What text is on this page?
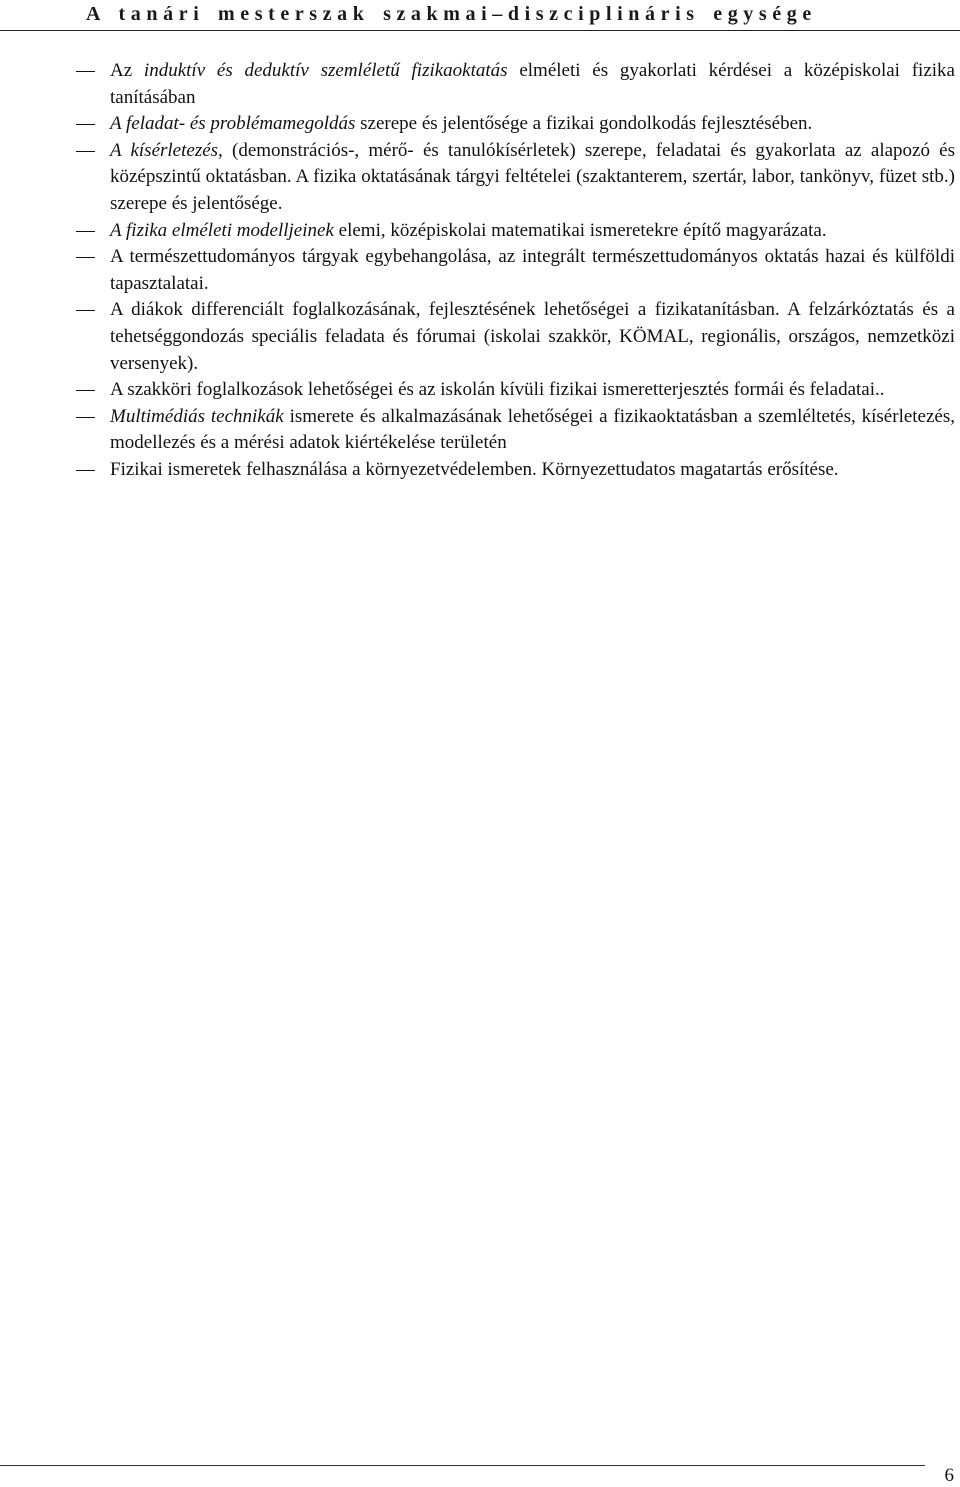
A tanári mesterszak szakmai–diszciplináris egysége
Az induktív és deduktív szemléletű fizikaoktatás elméleti és gyakorlati kérdései a középiskolai fizika tanításában
A feladat- és problémamegoldás szerepe és jelentősége a fizikai gondolkodás fejlesztésében.
A kísérletezés, (demonstrációs-, mérő- és tanulókísérletek) szerepe, feladatai és gyakorlata az alapozó és középszintű oktatásban. A fizika oktatásának tárgyi feltételei (szaktanterem, szertár, labor, tankönyv, füzet stb.) szerepe és jelentősége.
A fizika elméleti modelljeinek elemi, középiskolai matematikai ismeretekre építő magyarázata.
A természettudományos tárgyak egybehangolása, az integrált természettudományos oktatás hazai és külföldi tapasztalatai.
A diákok differenciált foglalkozásának, fejlesztésének lehetőségei a fizikatanításban. A felzárkóztatás és a tehetséggondozás speciális feladata és fórumai (iskolai szakkör, KÖMAL, regionális, országos, nemzetközi versenyek).
A szakköri foglalkozások lehetőségei és az iskolán kívüli fizikai ismeretterjesztés formái és feladatai..
Multimédiás technikák ismerete és alkalmazásának lehetőségei a fizikaoktatásban a szemléltetés, kísérletezés, modellezés és a mérési adatok kiértékelése területén
Fizikai ismeretek felhasználása a környezetvédelemben. Környezettudatos magatartás erősítése.
6
